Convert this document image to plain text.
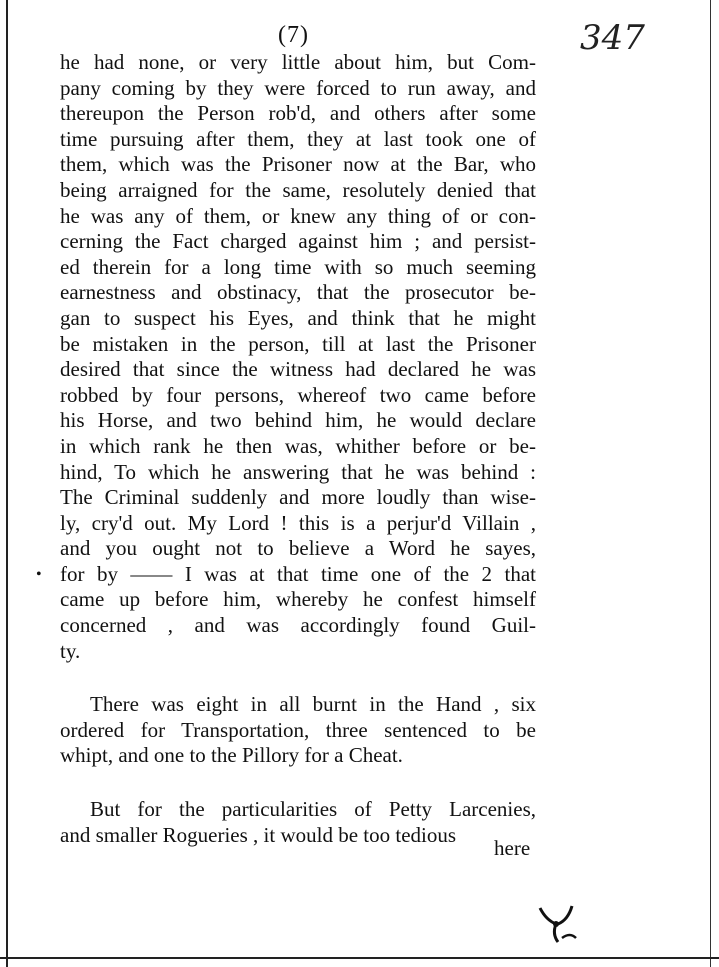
(7)	347
•
he had none, or very little about him, but Com-
pany coming by they were forced to run away, and
thereupon the Person rob'd, and others after some
time pursuing after them, they at last took one of
them, which was the Prisoner now at the Bar, who
being arraigned for the same, resolutely denied that
he was any of them, or knew any thing of or con-
cerning the Fact charged against him ; and persist-
ed therein for a long time with so much seeming
earnestness and obstinacy, that the prosecutor be-
gan to suspect his Eyes, and think that he might
be mistaken in the person, till at last the Prisoner
desired that since the witness had declared he was
robbed by four persons, whereof two came before
his Horse, and two behind him, he would declare
in which rank he then was, whither before or be-
hind, To which he answering that he was behind :
The Criminal suddenly and more loudly than wise-
ly, cry'd out. My Lord ! this is a perjur'd Villain ,
and you ought not to believe a Word he sayes,
for by —— I was at that time one of the 2 that
came up before him, whereby he confest himself
concerned , and was accordingly found Guil-
ty.
There was eight in all burnt in the Hand , six
ordered for Transportation, three sentenced to be
whipt, and one to the Pillory for a Cheat.
But for the particularities of Petty Larcenies,
and smaller Rogueries , it would be too tedious
here
